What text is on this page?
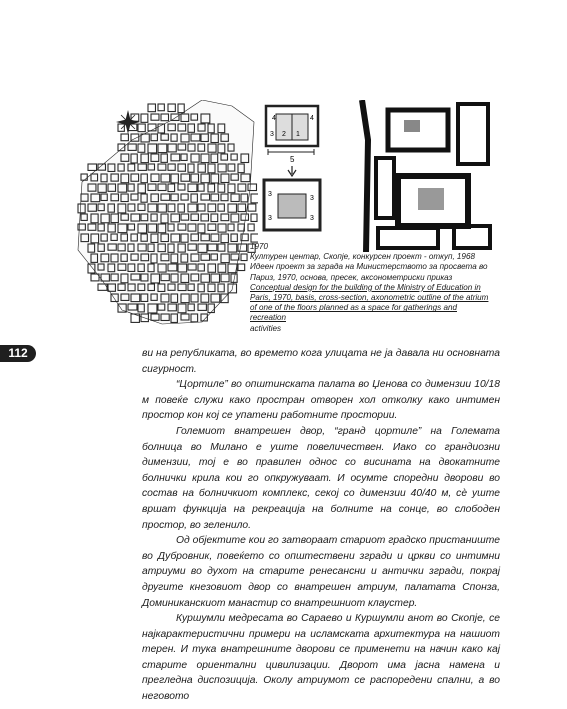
4
2 1
4
3
5
3
3
3
3
1970
Културен центар, Скопје, конкурсен проект - откуп, 1968
Идеен проект за зграда на Министерството за просвета во Париз, 1970, основа, пресек, аксонометриски приказ
Conceptual design for the building of the Ministry of Education in Paris, 1970, basis, cross-section, axonometric outline of the atrium of one of the floors planned as a space for gatherings and recreation
activities
112	ви на републиката, во времето кога улицата не ја давала ни основната сигурност.

“Цортиле” во општинската палата во Џенова со димензии 10/18 м повеќе служи како простран отворен хол отколку како интимен простор кон кој се упатени работните простории.

Големиот внатрешен двор, “гранд цортиле” на Големата болница во Милано е уште повеличествен. Иако со грандиозни димензии, тој е во правилен однос со висината на двокатните болнички крила кои го опкружуваат. И осумте споредни дворови во состав на болничкиот комплекс, секој со димензии 40/40 м, сè уште вршат функција на рекреација на болните на сонце, во слободен простор, во зеленило.

Од објектите кои го затвораат стариот градско пристаниште во Дубровник, повеќето со општествени згради и цркви со интимни атриуми во духот на старите ренесансни и антички згради, покрај другите кнезовиот двор со внатрешен атриум, палатата Спонза, Доминиканскиот манастир со внатрешниот клаустер.

Куршумли медресата во Сараево и Куршумли анот во Скопје, се најкарактеристични примери на исламската архитектура на нашиот терен. И тука внатрешните дворови се применети на начин како кај старите ориентални цивилизации. Дворот има јасна намена и прегледна диспозиција. Околу атриумот се распоредени спални, а во неговото
